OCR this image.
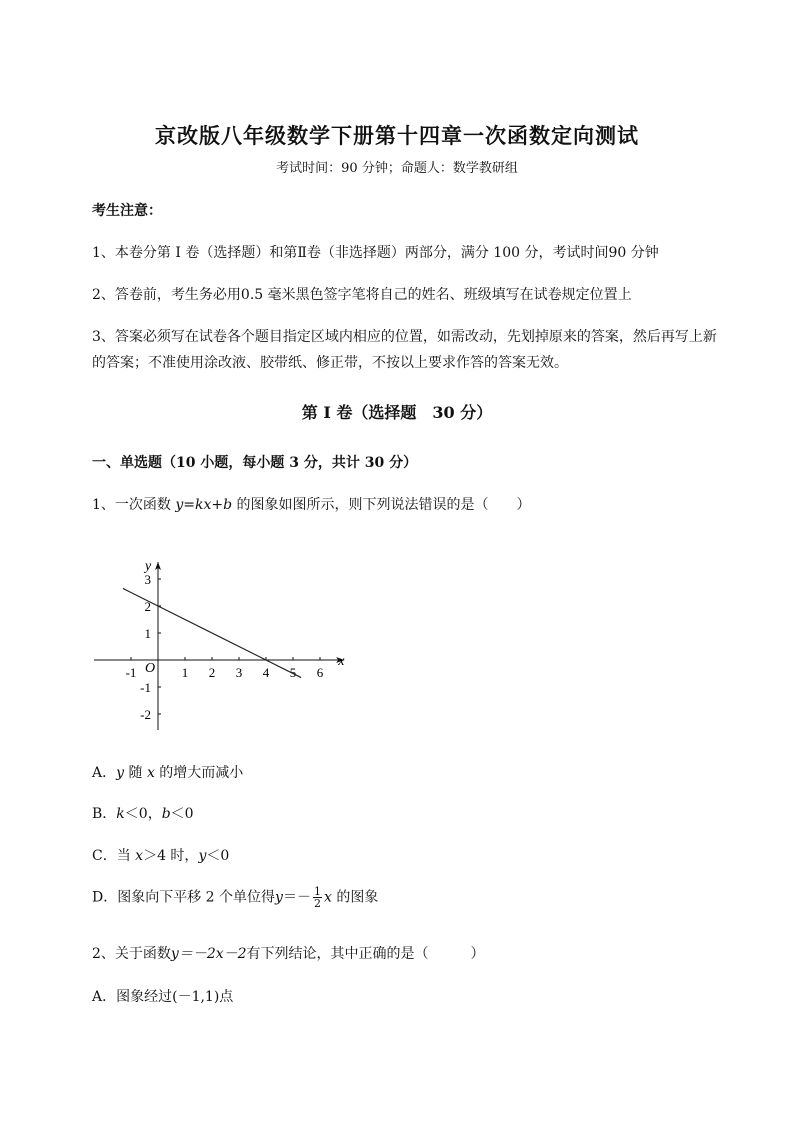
京改版八年级数学下册第十四章一次函数定向测试
考试时间：90 分钟；命题人：数学教研组
考生注意：
1、本卷分第 I 卷（选择题）和第Ⅱ卷（非选择题）两部分，满分 100 分，考试时间90 分钟
2、答卷前，考生务必用0.5 毫米黑色签字笔将自己的姓名、班级填写在试卷规定位置上
3、答案必须写在试卷各个题目指定区域内相应的位置，如需改动，先划掉原来的答案，然后再写上新
的答案；不准使用涂改液、胶带纸、修正带，不按以上要求作答的答案无效。
第 I 卷（选择题　30 分）
一、单选题（10 小题，每小题 3 分，共计 30 分）
1、一次函数 y=kx+b 的图象如图所示，则下列说法错误的是（　　）
x
y
O
-1	1 2 3 4 5 6
-2
-1
1
2
3
A．y 随 x 的增大而减小
B．k＜0，b＜0
C．当 x＞4 时，y＜0
D．图象向下平移 2 个单位得$y=- \frac{1}{2}$ x 的图象
2、关于函数y＝－2x－2有下列结论，其中正确的是（　　　）
A．图象经过(－1,1)点
